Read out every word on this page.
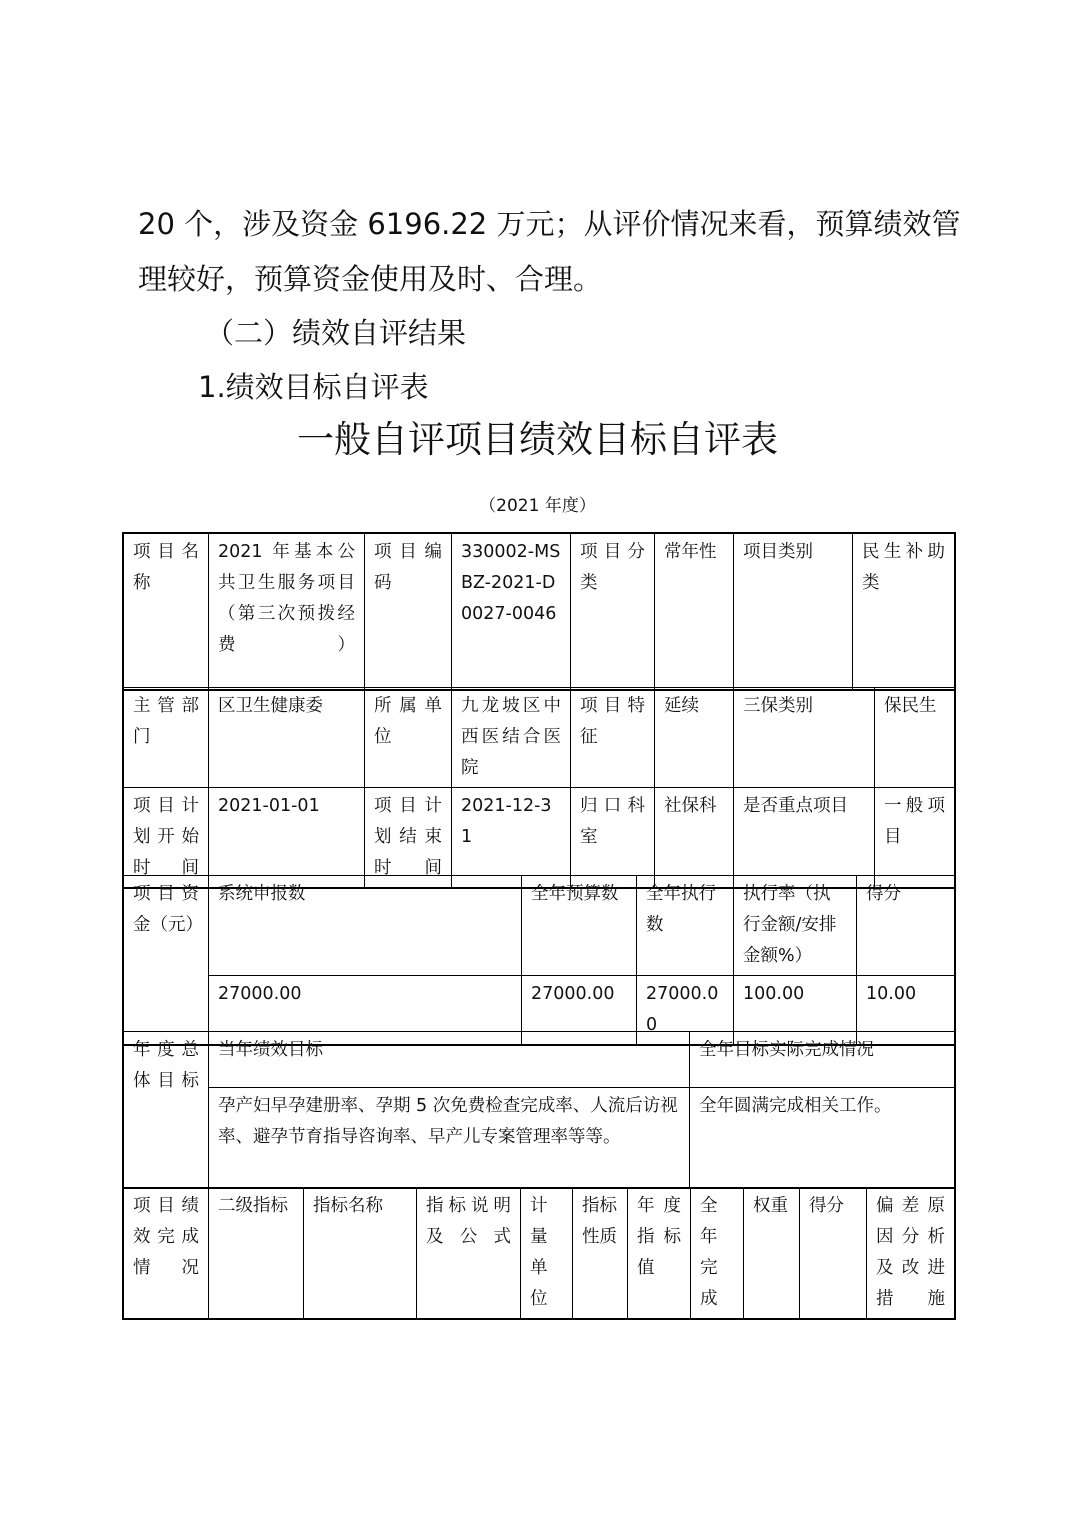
20 个，涉及资金 6196.22 万元；从评价情况来看，预算绩效管
理较好，预算资金使用及时、合理。
（二）绩效自评结果
1.绩效目标自评表
一般自评项目绩效目标自评表
（2021 年度）
项目名称	2021 年基本公共卫生服务项目（第三次预拨经费）	项目编码	330002-MSBZ-2021-D0027-0046	项目分类	常年性	项目类别	民生补助类
主管部门	区卫生健康委	所属单位	九龙坡区中西医结合医院	项目特征	延续	三保类别	保民生
项目计划开始时间	2021-01-01	项目计划结束时间	2021-12-31	归口科室	社保科	是否重点项目	一般项目
项目资金（元）	系统申报数	全年预算数	全年执行数	执行率（执行金额/安排金额%）	得分
	27000.00	27000.00	27000.00	100.00	10.00
年度总体目标	当年绩效目标	全年目标实际完成情况
	孕产妇早孕建册率、孕期 5 次免费检查完成率、人流后访视率、避孕节育指导咨询率、早产儿专案管理率等等。	全年圆满完成相关工作。
项目绩效完成情况	二级指标	指标名称	指标说明及公式	计量单位	指标性质	年度指标值	全年完成	权重	得分	偏差原因分析及改进措施
